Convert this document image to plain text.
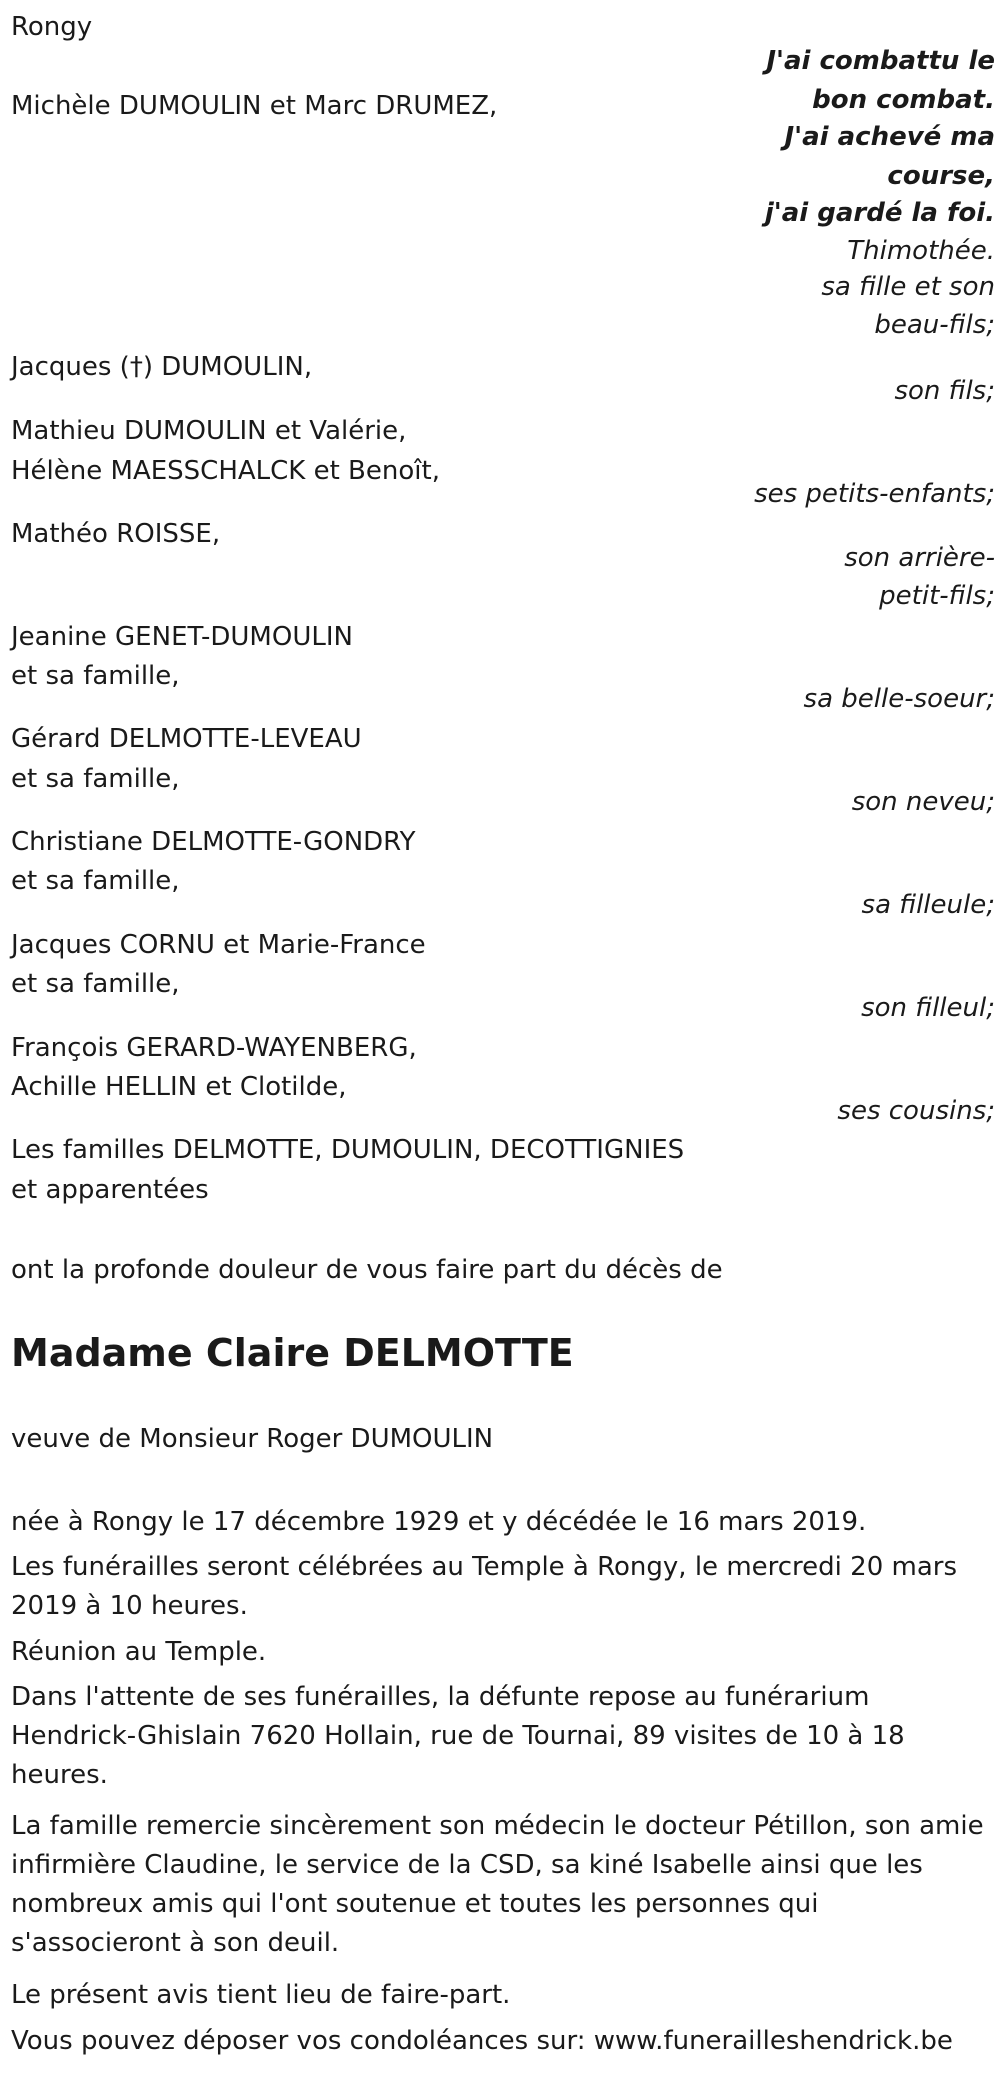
Rongy

J'ai combattu le

bon combat.

J'ai achevé ma

course,

j'ai gardé la foi.

Thimothée.

Michèle DUMOULIN et Marc DRUMEZ,

sa fille et son

beau-fils;

Jacques (†) DUMOULIN,

son fils;

Mathieu DUMOULIN et Valérie,

Hélène MAESSCHALCK et Benoît,

ses petits-enfants;

Mathéo ROISSE,

son arrière-

petit-fils;

Jeanine GENET-DUMOULIN

et sa famille,

sa belle-soeur;

Gérard DELMOTTE-LEVEAU

et sa famille,

son neveu;

Christiane DELMOTTE-GONDRY

et sa famille,

sa filleule;

Jacques CORNU et Marie-France

et sa famille,

son filleul;

François GERARD-WAYENBERG,

Achille HELLIN et Clotilde,

ses cousins;

Les familles DELMOTTE, DUMOULIN, DECOTTIGNIES

et apparentées

ont la profonde douleur de vous faire part du décès de

Madame Claire DELMOTTE

veuve de Monsieur Roger DUMOULIN

née à Rongy le 17 décembre 1929 et y décédée le 16 mars 2019.

Les funérailles seront célébrées au Temple à Rongy, le mercredi 20 mars 2019 à 10 heures.

Réunion au Temple.

Dans l'attente de ses funérailles, la défunte repose au funérarium Hendrick-Ghislain 7620 Hollain, rue de Tournai, 89 visites de 10 à 18 heures.

La famille remercie sincèrement son médecin le docteur Pétillon, son amie infirmière Claudine, le service de la CSD, sa kiné Isabelle ainsi que les nombreux amis qui l'ont soutenue et toutes les personnes qui s'associeront à son deuil.

Le présent avis tient lieu de faire-part.

Vous pouvez déposer vos condoléances sur: www.funerailleshendrick.be
